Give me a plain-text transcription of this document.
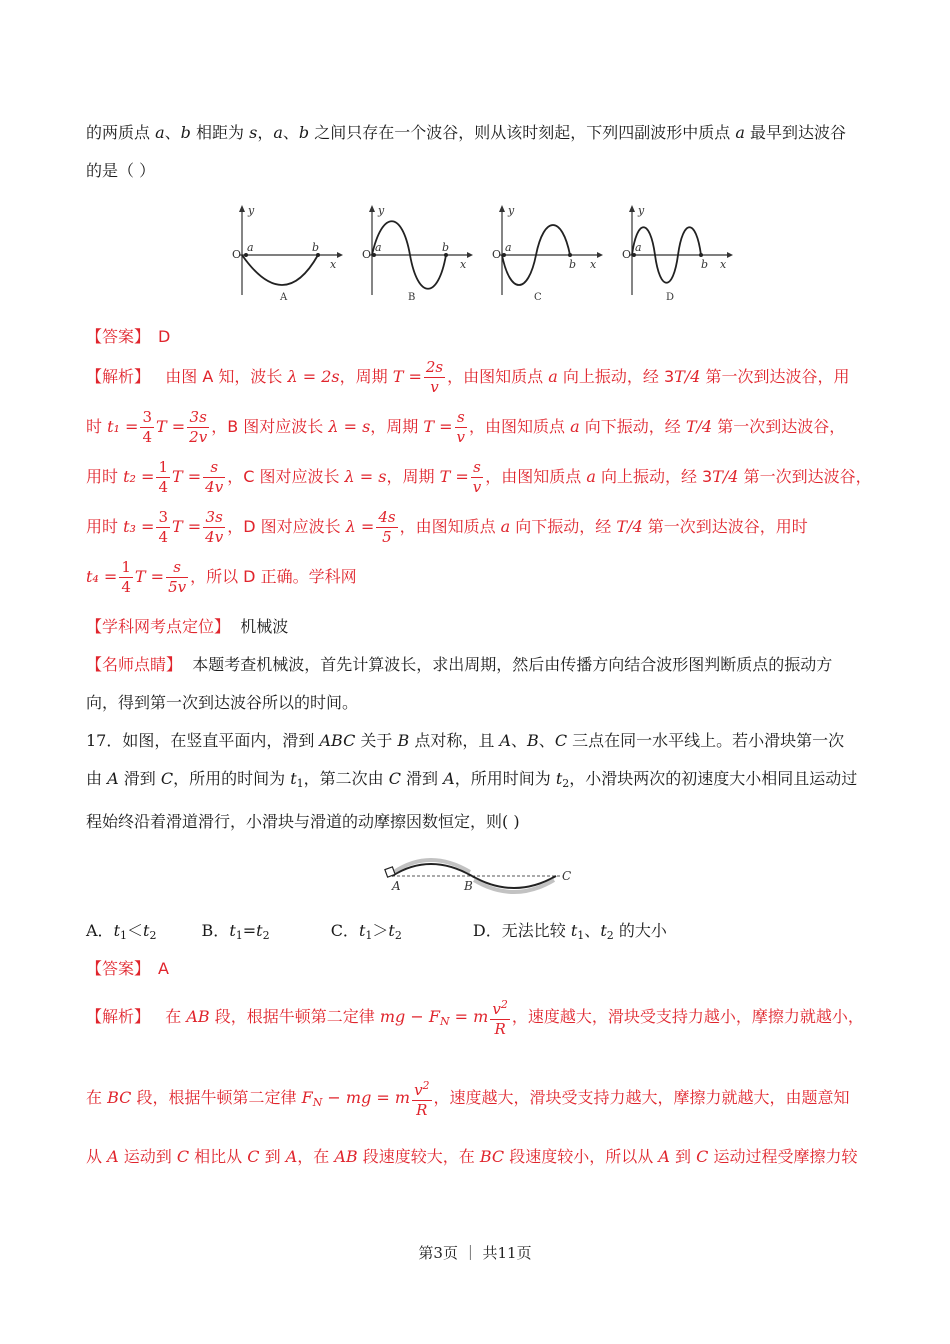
的两质点 a、b 相距为 s，a、b 之间只存在一个波谷，则从该时刻起，下列四副波形中质点 a 最早到达波谷

的是（ ）

y
x
O
a	b
A
y
x
O
a	b
B
y
x
O
a
b
C
y
x
O
a
b
D

【答案】 D

【解析】 由图 A 知，波长 λ = 2s，周期 $T = \frac{2s}{v}$ ，由图知质点 a 向上振动，经 3T/4 第一次到达波谷，用

时 $t_1 = \frac{3}{4}$ $T = \frac{3s}{2v}$ ，B 图对应波长 λ = s，周期 $T = \frac{s}{v}$ ，由图知质点 a 向下振动，经 T/4 第一次到达波谷，

用时 $t_2 = \frac{1}{4}$ $T = \frac{s}{4v}$ ，C 图对应波长 λ = s，周期 $T = \frac{s}{v}$ ，由图知质点 a 向上振动，经 3T/4 第一次到达波谷，

用时 $t_3 = \frac{3}{4}$ $T = \frac{3s}{4v}$ ，D 图对应波长 $\lambda = \frac{4s}{5}$ ，由图知质点 a 向下振动，经 T/4 第一次到达波谷，用时

$t_4 = \frac{1}{4}$ $T = \frac{s}{5v}$ ，所以 D 正确。学科网

【学科网考点定位】 机械波

【名师点睛】 本题考查机械波，首先计算波长，求出周期，然后由传播方向结合波形图判断质点的振动方

向，得到第一次到达波谷所以的时间。

17．如图，在竖直平面内，滑到 ABC 关于 B 点对称，且 A、B、C 三点在同一水平线上。若小滑块第一次

由 A 滑到 C，所用的时间为 $t_1$，第二次由 C 滑到 A，所用时间为 $t_2$，小滑块两次的初速度大小相同且运动过

程始终沿着滑道滑行，小滑块与滑道的动摩擦因数恒定，则( )

A	B
C

A．$t_1<t_2$	B．$t_1=t_2$	C．$t_1>t_2$	D．无法比较 $t_1$、$t_2$ 的大小

【答案】 A

【解析】 在 AB 段，根据牛顿第二定律 mg − $F_N = m \frac{v^2}{R}$ ，速度越大，滑块受支持力越小，摩擦力就越小，

在 BC 段，根据牛顿第二定律 $F_N$ − mg = m $\frac{v^2}{R}$ ，速度越大，滑块受支持力越大，摩擦力就越大，由题意知

从 A 运动到 C 相比从 C 到 A，在 AB 段速度较大，在 BC 段速度较小，所以从 A 到 C 运动过程受摩擦力较

第3页 ｜ 共11页
